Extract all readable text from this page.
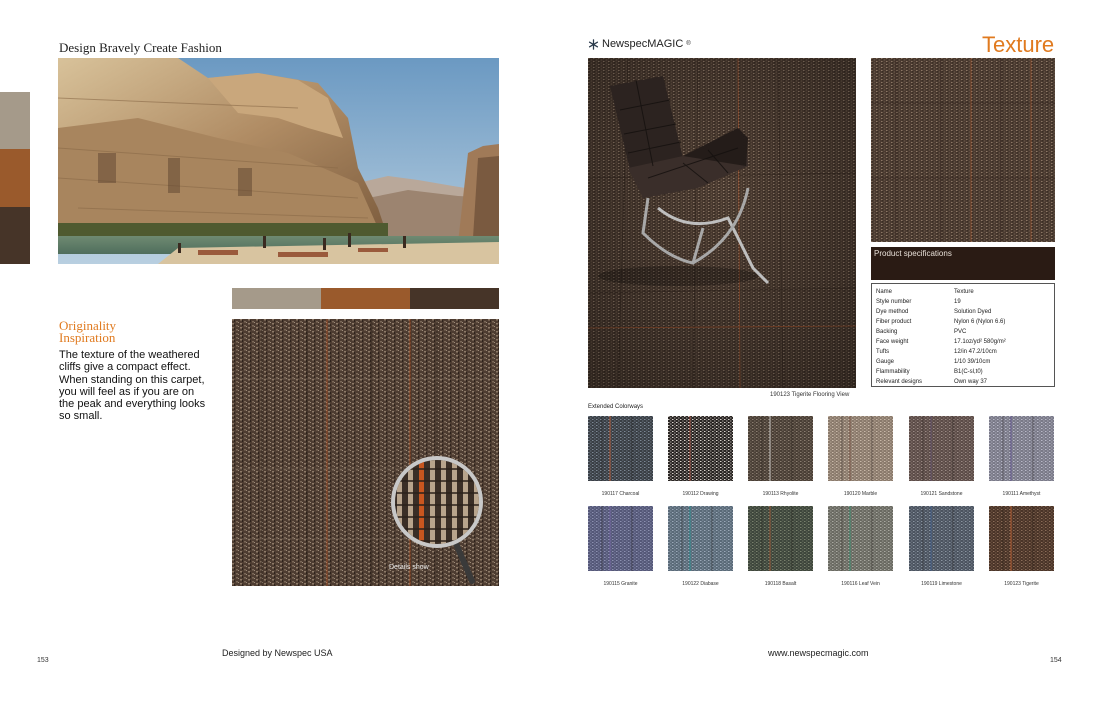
Design Bravely Create Fashion
Originality
Inspiration
The texture of the weathered cliffs give a compact effect. When standing on this carpet, you will feel as if you are on the peak and everything looks so small.
Details show
Designed by Newspec USA
153
NewspecMAGIC ®	Texture
190123 Tigerite Flooring View
Product specifications
Name	Texture
Style number	19
Dye method	Solution Dyed
Fiber product	Nylon 6 (Nylon 6.6)
Backing	PVC
Face weight	17.1oz/yd² 580g/m²
Tufts	12/in 47.2/10cm
Gauge	1/10 39/10cm
Flammability	B1(C-sl,t0)
Relevant designs	Own way 37
Extended Colorways
190117 Charcoal	190112 Drawing	190113 Rhyolite	190120 Marble	190121 Sandstone	190111 Amethyst
190115 Granite	190122 Diabase	190118 Basalt	190116 Leaf Vein	190119 Limestone	190123 Tigerite
www.newspecmagic.com
154
